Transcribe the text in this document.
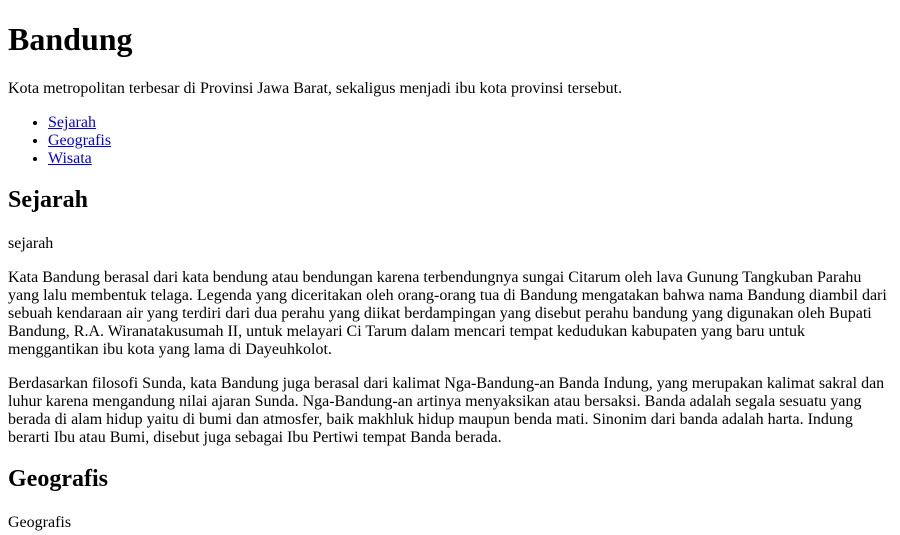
Bandung

Kota metropolitan terbesar di Provinsi Jawa Barat, sekaligus menjadi ibu kota provinsi tersebut.

• Sejarah
• Geografis
• Wisata
Sejarah
sejarah

Kata Bandung berasal dari kata bendung atau bendungan karena terbendungnya sungai Citarum oleh lava Gunung Tangkuban Parahu yang lalu membentuk telaga. Legenda yang diceritakan oleh orang-orang tua di Bandung mengatakan bahwa nama Bandung diambil dari sebuah kendaraan air yang terdiri dari dua perahu yang diikat berdampingan yang disebut perahu bandung yang digunakan oleh Bupati Bandung, R.A. Wiranatakusumah II, untuk melayari Ci Tarum dalam mencari tempat kedudukan kabupaten yang baru untuk menggantikan ibu kota yang lama di Dayeuhkolot.

Berdasarkan filosofi Sunda, kata Bandung juga berasal dari kalimat Nga-Bandung-an Banda Indung, yang merupakan kalimat sakral dan luhur karena mengandung nilai ajaran Sunda. Nga-Bandung-an artinya menyaksikan atau bersaksi. Banda adalah segala sesuatu yang berada di alam hidup yaitu di bumi dan atmosfer, baik makhluk hidup maupun benda mati. Sinonim dari banda adalah harta. Indung berarti Ibu atau Bumi, disebut juga sebagai Ibu Pertiwi tempat Banda berada.

Geografis
Geografis
